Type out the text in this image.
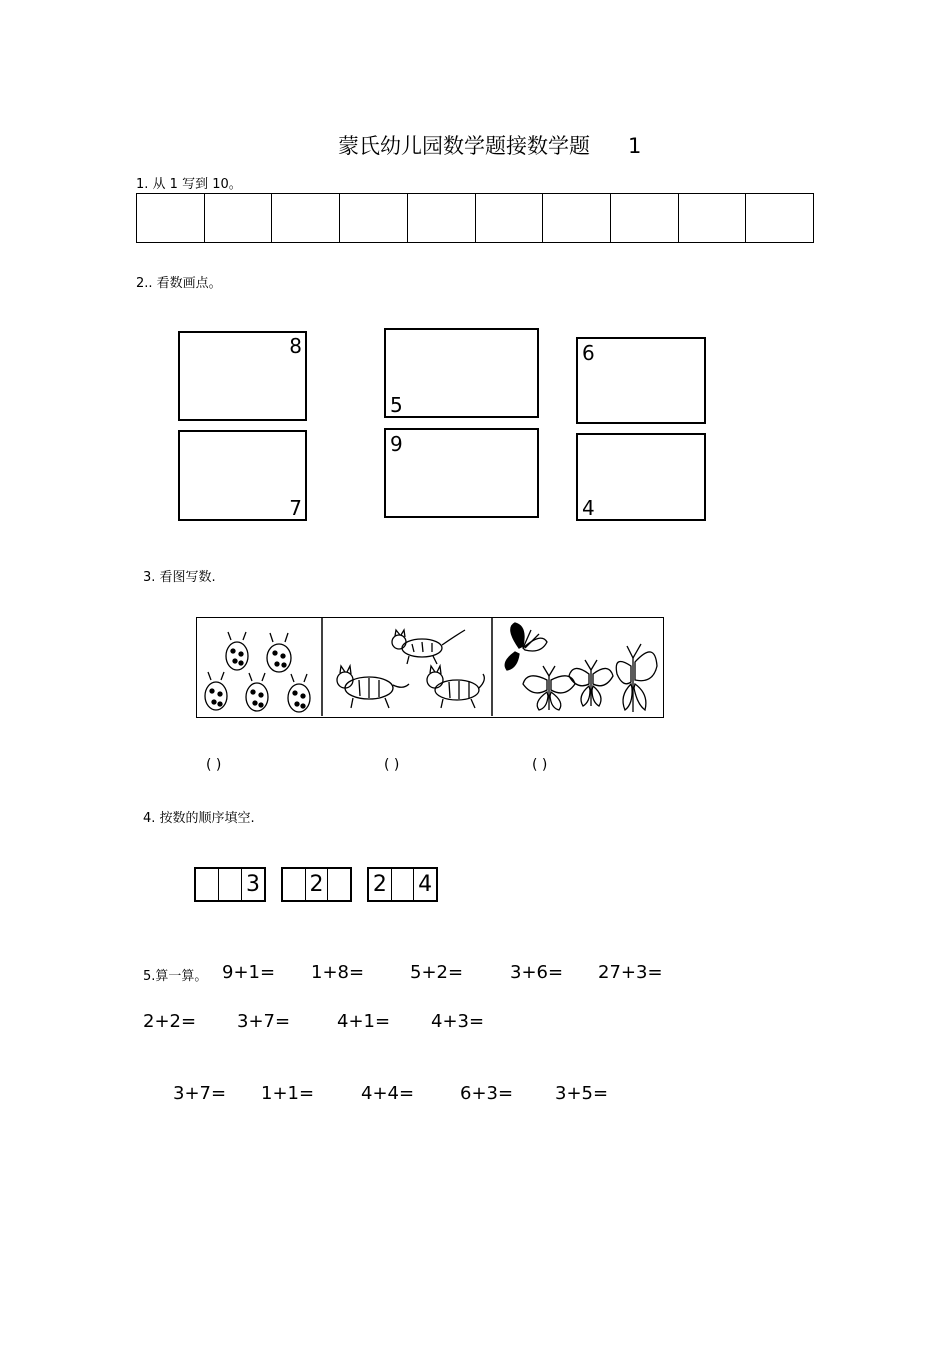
蒙氏幼儿园数学题接数学题 1
1. 从 1 写到 10。
2.. 看数画点。
8
5
6
7
9
4
3. 看图写数.
( )	( )	( )
4. 按数的顺序填空.
3 2 2 4
5.算一算。 9+1= 1+8=	5+2=	3+6= 27+3=
2+2= 3+7=	4+1= 4+3=
3+7= 1+1=	4+4=	6+3= 3+5=
